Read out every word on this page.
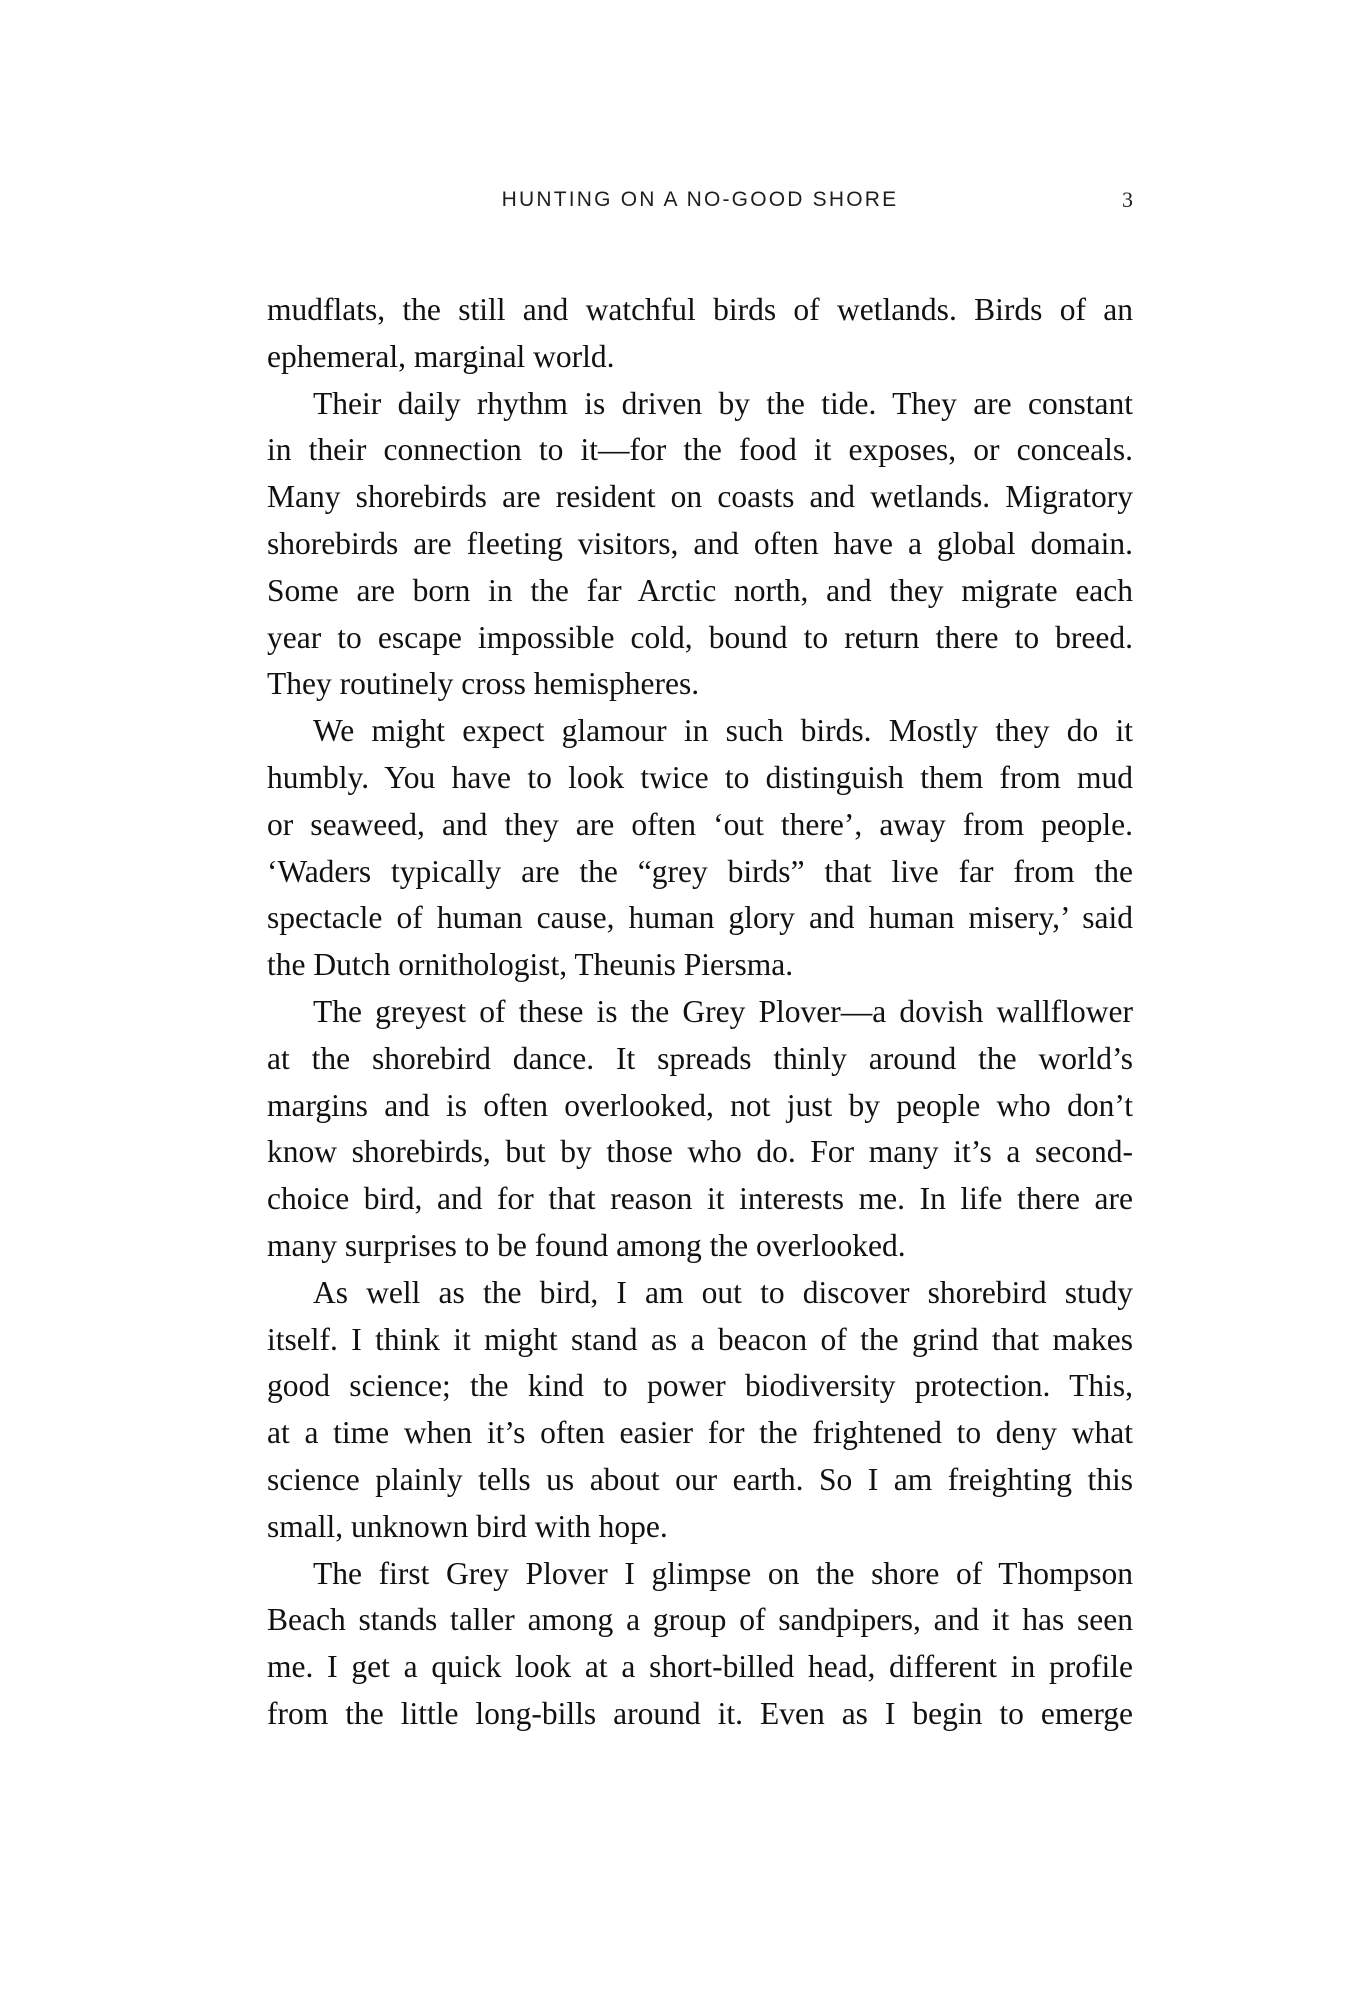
HUNTING ON A NO-GOOD SHORE	3
mudflats, the still and watchful birds of wetlands. Birds of an
ephemeral, marginal world.
Their daily rhythm is driven by the tide. They are constant
in their connection to it—for the food it exposes, or conceals.
Many shorebirds are resident on coasts and wetlands. Migratory
shorebirds are fleeting visitors, and often have a global domain.
Some are born in the far Arctic north, and they migrate each
year to escape impossible cold, bound to return there to breed.
They routinely cross hemispheres.
We might expect glamour in such birds. Mostly they do it
humbly. You have to look twice to distinguish them from mud
or seaweed, and they are often ‘out there’, away from people.
‘Waders typically are the “grey birds” that live far from the
spectacle of human cause, human glory and human misery,’ said
the Dutch ornithologist, Theunis Piersma.
The greyest of these is the Grey Plover—a dovish wallflower
at the shorebird dance. It spreads thinly around the world’s
margins and is often overlooked, not just by people who don’t
know shorebirds, but by those who do. For many it’s a second-
choice bird, and for that reason it interests me. In life there are
many surprises to be found among the overlooked.
As well as the bird, I am out to discover shorebird study
itself. I think it might stand as a beacon of the grind that makes
good science; the kind to power biodiversity protection. This,
at a time when it’s often easier for the frightened to deny what
science plainly tells us about our earth. So I am freighting this
small, unknown bird with hope.
The first Grey Plover I glimpse on the shore of Thompson
Beach stands taller among a group of sandpipers, and it has seen
me. I get a quick look at a short-billed head, different in profile
from the little long-bills around it. Even as I begin to emerge
